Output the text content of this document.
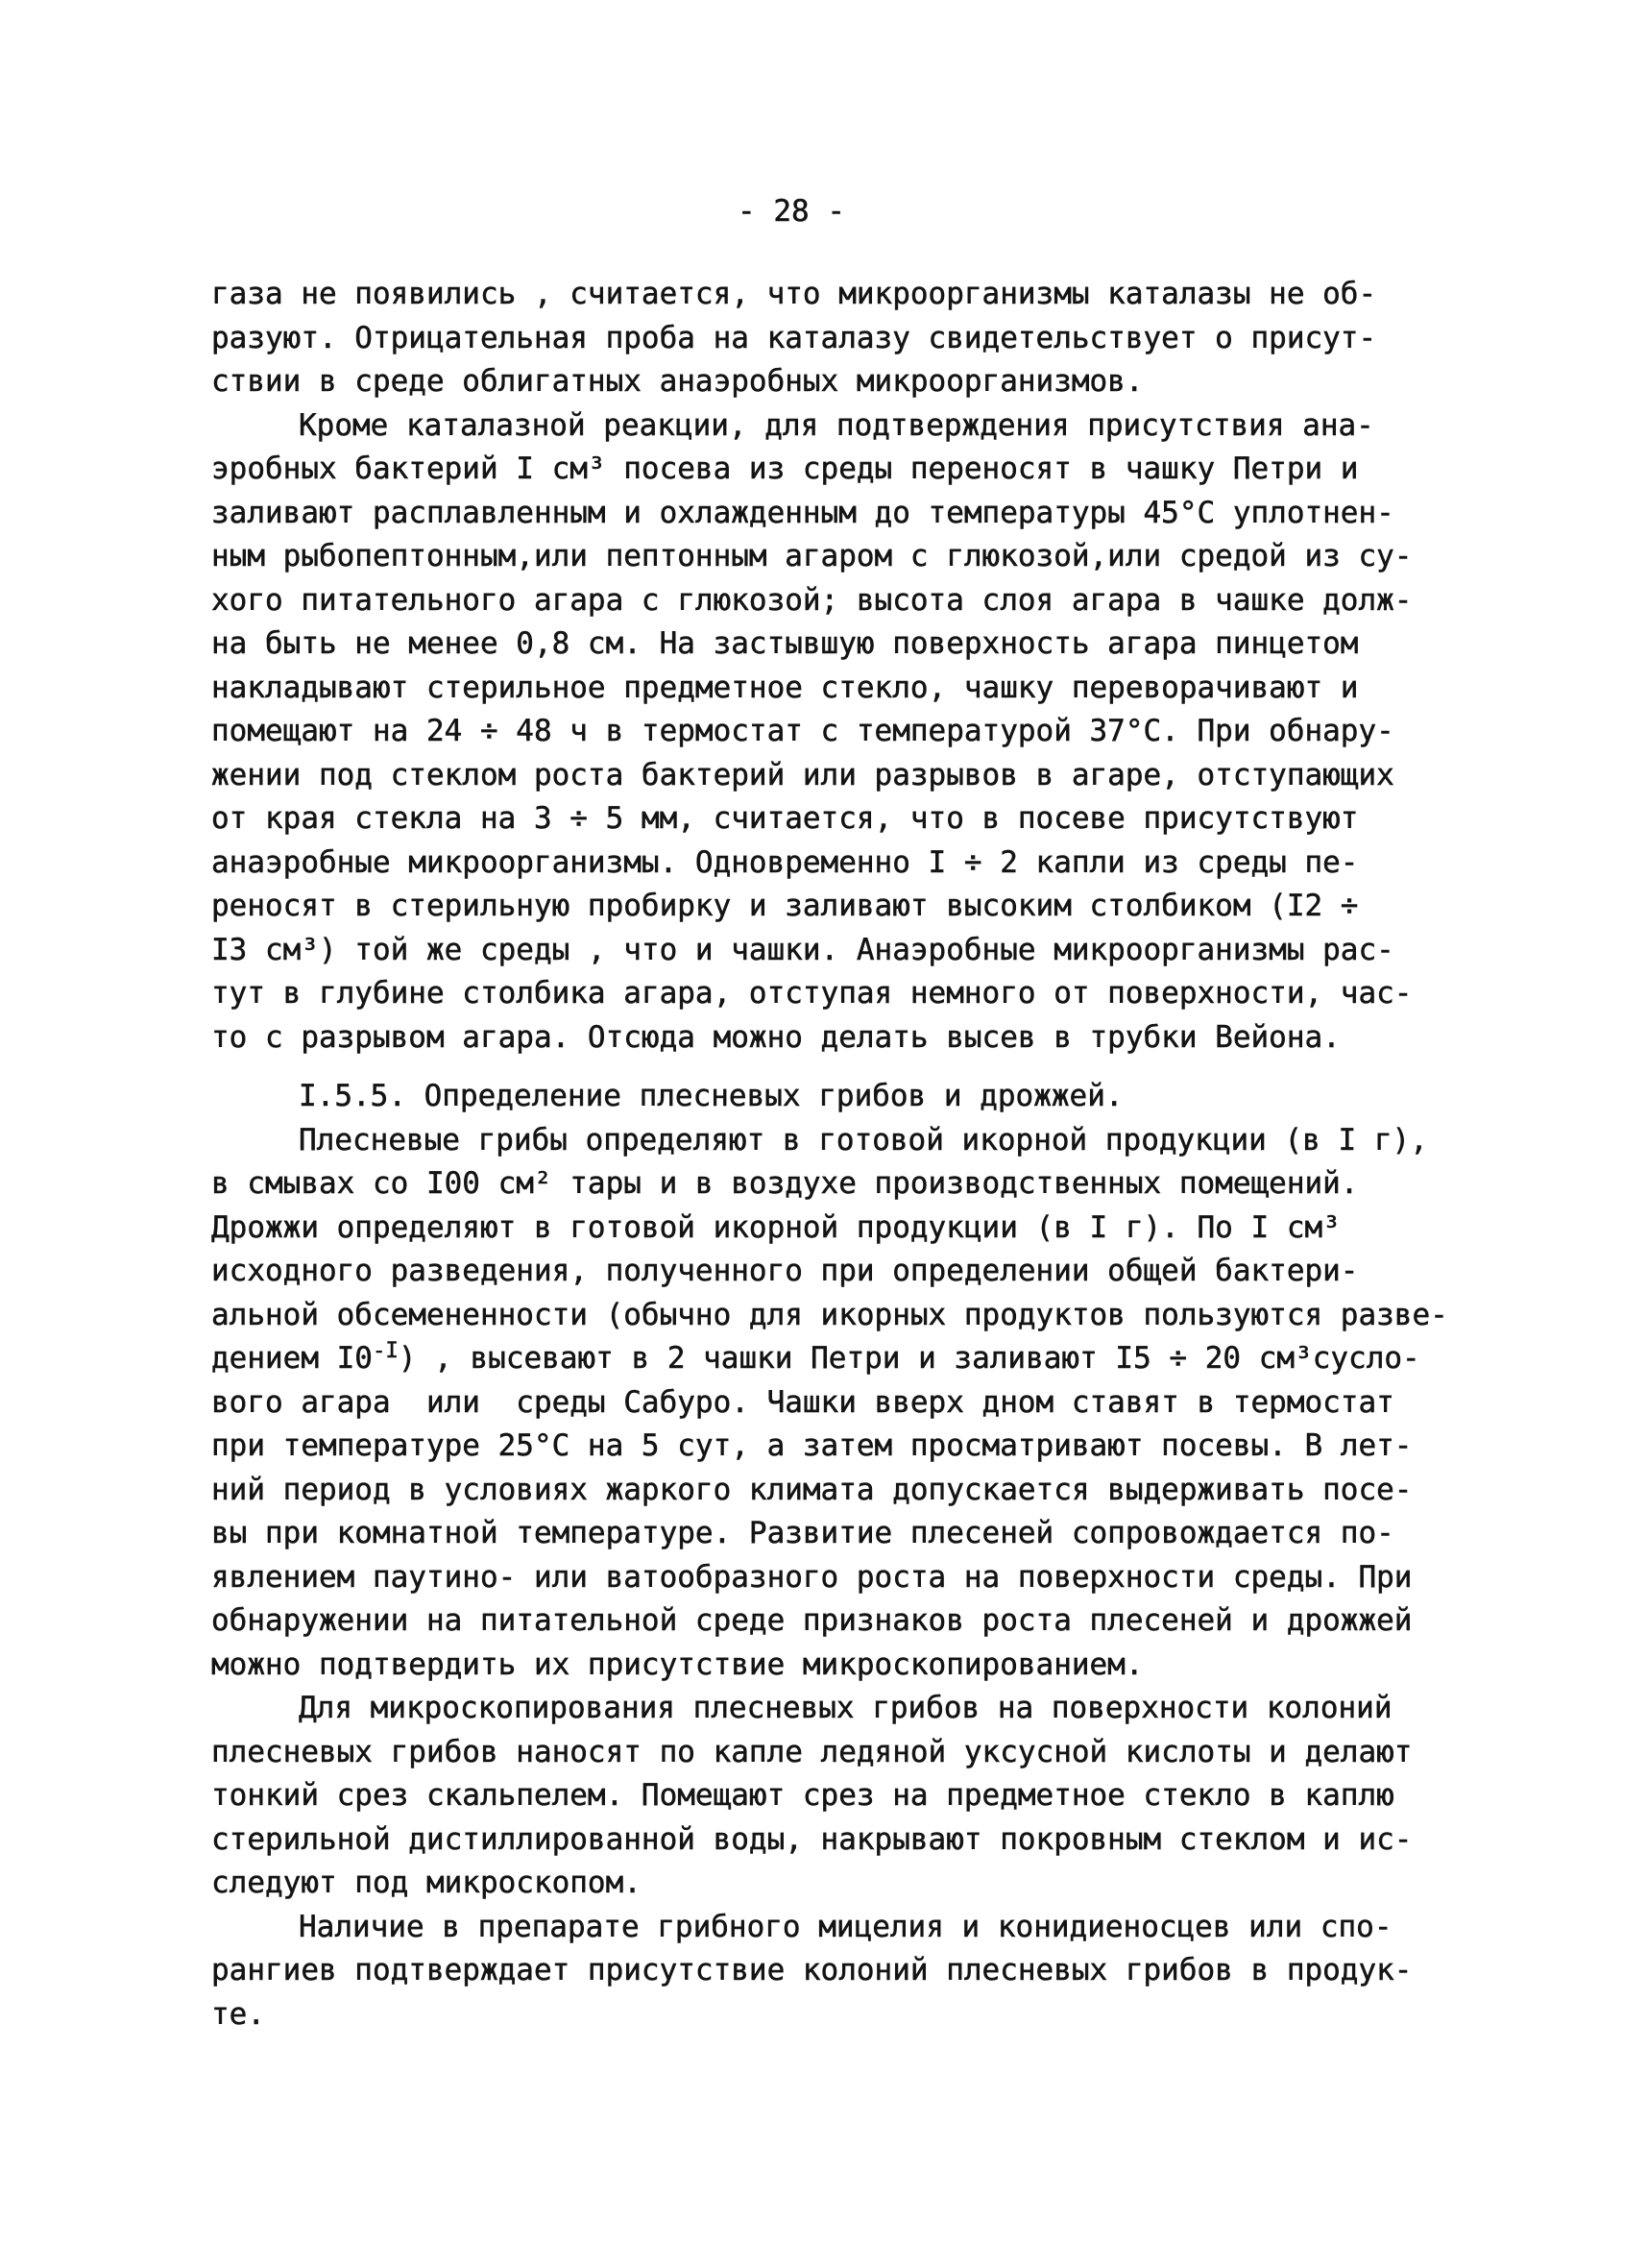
- 28 -
газа не появились , считается, что микроорганизмы каталазы не об-
разуют. Отрицательная проба на каталазу свидетельствует о присут-
ствии в среде облигатных анаэробных микроорганизмов.
Кроме каталазной реакции, для подтверждения присутствия ана-
эробных бактерий I см³ посева из среды переносят в чашку Петри и
заливают расплавленным и охлажденным до температуры 45°С уплотнен-
ным рыбопептонным,или пептонным агаром с глюкозой,или средой из су-
хого питательного агара с глюкозой; высота слоя агара в чашке долж-
на быть не менее 0,8 см. На застывшую поверхность агара пинцетом
накладывают стерильное предметное стекло, чашку переворачивают и
помещают на 24 ÷ 48 ч в термостат с температурой 37°С. При обнару-
жении под стеклом роста бактерий или разрывов в агаре, отступающих
от края стекла на 3 ÷ 5 мм, считается, что в посеве присутствуют
анаэробные микроорганизмы. Одновременно I ÷ 2 капли из среды пе-
реносят в стерильную пробирку и заливают высоким столбиком (I2 ÷
I3 см³) той же среды , что и чашки. Анаэробные микроорганизмы рас-
тут в глубине столбика агара, отступая немного от поверхности, час-
то с разрывом агара. Отсюда можно делать высев в трубки Вейона.
I.5.5. Определение плесневых грибов и дрожжей.
Плесневые грибы определяют в готовой икорной продукции (в I г),
в смывах со I00 см² тары и в воздухе производственных помещений.
Дрожжи определяют в готовой икорной продукции (в I г). По I см³
исходного разведения, полученного при определении общей бактери-
альной обсемененности (обычно для икорных продуктов пользуются разве-
дением $I0^{-I}$) , высевают в 2 чашки Петри и заливают I5 ÷ 20 см³сусло-
вого агара  или  среды Сабуро. Чашки вверх дном ставят в термостат
при температуре 25°С на 5 сут, а затем просматривают посевы. В лет-
ний период в условиях жаркого климата допускается выдерживать посе-
вы при комнатной температуре. Развитие плесеней сопровождается по-
явлением паутино- или ватообразного роста на поверхности среды. При
обнаружении на питательной среде признаков роста плесеней и дрожжей
можно подтвердить их присутствие микроскопированием.
Для микроскопирования плесневых грибов на поверхности колоний
плесневых грибов наносят по капле ледяной уксусной кислоты и делают
тонкий срез скальпелем. Помещают срез на предметное стекло в каплю
стерильной дистиллированной воды, накрывают покровным стеклом и ис-
следуют под микроскопом.
Наличие в препарате грибного мицелия и конидиеносцев или спо-
рангиев подтверждает присутствие колоний плесневых грибов в продук-
те.
